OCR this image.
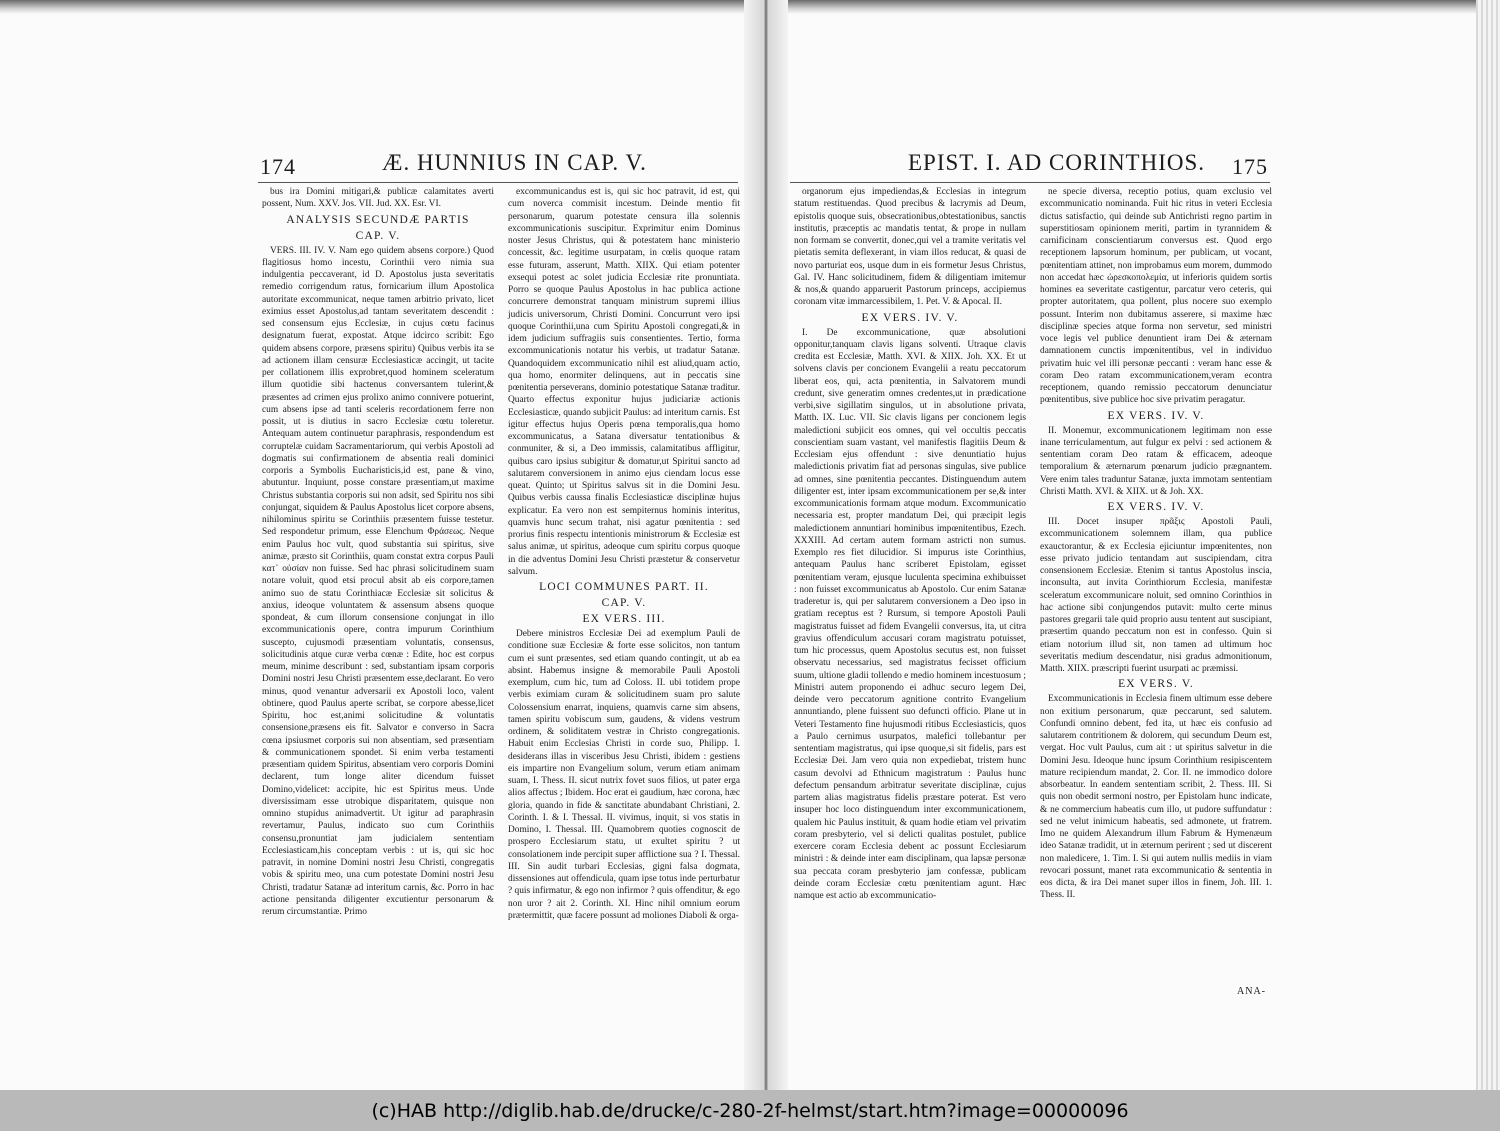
174	Æ. HUNNIUS IN CAP. V.

bus ira Domini mitigari,& publicæ calamitates averti possent, Num. XXV. Jos. VII. Jud. XX. Esr. VI.

ANALYSIS SECUNDÆ PARTIS
CAP. V.

VERS. III. IV. V. Nam ego quidem absens corpore.) Quod flagitiosus homo incestu, Corinthii vero nimia sua indulgentia peccaverant, id D. Apostolus justa severitatis remedio corrigendum ratus, fornicarium illum Apostolica autoritate excommunicat, neque tamen arbitrio privato, licet eximius esset Apostolus,ad tantam severitatem descendit : sed consensum ejus Ecclesiæ, in cujus cœtu facinus designatum fuerat, expostat. Atque idcirco scribit: Ego quidem absens corpore, præsens spiritu) Quibus verbis ita se ad actionem illam censuræ Ecclesiasticæ accingit, ut tacite per collationem illis exprobret,quod hominem sceleratum illum quotidie sibi hactenus conversantem tulerint,& præsentes ad crimen ejus prolixo animo connivere potuerint, cum absens ipse ad tanti sceleris recordationem ferre non possit, ut is diutius in sacro Ecclesiæ cœtu toleretur. Antequam autem continuetur paraphrasis, respondendum est corruptelæ cuidam Sacramentariorum, qui verbis Apostoli ad dogmatis sui confirmationem de absentia reali dominici corporis a Symbolis Eucharisticis,id est, pane & vino, abutuntur. Inquiunt, posse constare præsentiam,ut maxime Christus substantia corporis sui non adsit, sed Spiritu nos sibi conjungat, siquidem & Paulus Apostolus licet corpore absens, nihilominus spiritu se Corinthiis præsentem fuisse testetur. Sed respondetur primum, esse Elenchum Φράσεως. Neque enim Paulus hoc vult, quod substantia sui spiritus, sive animæ, præsto sit Corinthiis, quam constat extra corpus Pauli κατ᾽ οὐσίαν non fuisse. Sed hac phrasi solicitudinem suam notare voluit, quod etsi procul absit ab eis corpore,tamen animo suo de statu Corinthiacæ Ecclesiæ sit solicitus & anxius, ideoque voluntatem & assensum absens quoque spondeat, & cum illorum consensione conjungat in illo excommunicationis opere, contra impurum Corinthium suscepto, cujusmodi præsentiam voluntatis, consensus, solicitudinis atque curæ verba cœnæ : Edite, hoc est corpus meum, minime describunt : sed, substantiam ipsam corporis Domini nostri Jesu Christi præsentem esse,declarant. Eo vero minus, quod venantur adversarii ex Apostoli loco, valent obtinere, quod Paulus aperte scribat, se corpore abesse,licet Spiritu, hoc est,animi solicitudine & voluntatis consensione,præsens eis fit. Salvator e converso in Sacra cœna ipsiusmet corporis sui non absentiam, sed præsentiam & communicationem spondet. Si enim verba testamenti præsentiam quidem Spiritus, absentiam vero corporis Domini declarent, tum longe aliter dicendum fuisset Domino,videlicet: accipite, hic est Spiritus meus. Unde diversissimam esse utrobique disparitatem, quisque non omnino stupidus animadvertit. Ut igitur ad paraphrasin revertamur, Paulus, indicato suo cum Corinthiis consensu,pronuntiat jam judicialem sententiam Ecclesiasticam,his conceptam verbis : ut is, qui sic hoc patravit, in nomine Domini nostri Jesu Christi, congregatis vobis & spiritu meo, una cum potestate Domini nostri Jesu Christi, tradatur Satanæ ad interitum carnis, &c. Porro in hac actione pensitanda diligenter excutientur personarum & rerum circumstantiæ. Primo

excommunicandus est is, qui sic hoc patravit, id est, qui cum noverca commisit incestum. Deinde mentio fit personarum, quarum potestate censura illa solennis excommunicationis suscipitur. Exprimitur enim Dominus noster Jesus Christus, qui & potestatem hanc ministerio concessit, &c. legitime usurpatam, in cœlis quoque ratam esse futuram, asserunt, Matth. XIIX. Qui etiam potenter exsequi potest ac solet judicia Ecclesiæ rite pronuntiata. Porro se quoque Paulus Apostolus in hac publica actione concurrere demonstrat tanquam ministrum supremi illius judicis universorum, Christi Domini. Concurrunt vero ipsi quoque Corinthii,una cum Spiritu Apostoli congregati,& in idem judicium suffragiis suis consentientes. Tertio, forma excommunicationis notatur his verbis, ut tradatur Satanæ. Quandoquidem excommunicatio nihil est aliud,quam actio, qua homo, enormiter delinquens, aut in peccatis sine pœnitentia perseverans, dominio potestatique Satanæ traditur. Quarto effectus exponitur hujus judiciariæ actionis Ecclesiasticæ, quando subjicit Paulus: ad interitum carnis. Est igitur effectus hujus Operis pœna temporalis,qua homo excommunicatus, a Satana diversatur tentationibus & conmuniter, & si, a Deo immissis, calamitatibus affligitur, quibus caro ipsius subigitur & domatur,ut Spiritui sancto ad salutarem conversionem in animo ejus ciendam locus esse queat. Quinto; ut Spiritus salvus sit in die Domini Jesu. Quibus verbis caussa finalis Ecclesiasticæ disciplinæ hujus explicatur. Ea vero non est sempiternus hominis interitus, quamvis hunc secum trahat, nisi agatur pœnitentia : sed prorius finis respectu intentionis ministrorum & Ecclesiæ est salus animæ, ut spiritus, adeoque cum spiritu corpus quoque in die adventus Domini Jesu Christi præstetur & conservetur salvum.

LOCI COMMUNES PART. II.
CAP. V.
EX VERS. III.

Debere ministros Ecclesiæ Dei ad exemplum Pauli de conditione suæ Ecclesiæ & forte esse solicitos, non tantum cum ei sunt præsentes, sed etiam quando contingit, ut ab ea absint. Habemus insigne & memorabile Pauli Apostoli exemplum, cum hic, tum ad Coloss. II. ubi totidem prope verbis eximiam curam & solicitudinem suam pro salute Colossensium enarrat, inquiens, quamvis carne sim absens, tamen spiritu vobiscum sum, gaudens, & videns vestrum ordinem, & soliditatem vestræ in Christo congregationis. Habuit enim Ecclesias Christi in corde suo, Philipp. I. desiderans illas in visceribus Jesu Christi, ibidem : gestiens eis impartire non Evangelium solum, verum etiam animam suam, I. Thess. II. sicut nutrix fovet suos filios, ut pater erga alios affectus ; Ibidem. Hoc erat ei gaudium, hæc corona, hæc gloria, quando in fide & sanctitate abundabant Christiani, 2. Corinth. I. & I. Thessal. II. vivimus, inquit, si vos statis in Domino, I. Thessal. III. Quamobrem quoties cognoscit de prospero Ecclesiarum statu, ut exultet spiritu ? ut consolationem inde percipit super afflictione sua ? I. Thessal. III. Sin audit turbari Ecclesias, gigni falsa dogmata, dissensiones aut offendicula, quam ipse totus inde perturbatur ? quis infirmatur, & ego non infirmor ? quis offenditur, & ego non uror ? ait 2. Corinth. XI. Hinc nihil omnium eorum prætermittit, quæ facere possunt ad moliones Diaboli & orga-

EPIST. I. AD CORINTHIOS. 175

organorum ejus impediendas,& Ecclesias in integrum statum restituendas. Quod precibus & lacrymis ad Deum, epistolis quoque suis, obsecrationibus,obtestationibus, sanctis institutis, præceptis ac mandatis tentat, & prope in nullam non formam se convertit, donec,qui vel a tramite veritatis vel pietatis semita deflexerant, in viam illos reducat, & quasi de novo parturiat eos, usque dum in eis formetur Jesus Christus, Gal. IV. Hanc solicitudinem, fidem & diligentiam imitemur & nos,& quando apparuerit Pastorum princeps, accipiemus coronam vitæ immarcessibilem, 1. Pet. V. & Apocal. II.

EX VERS. IV. V.

I. De excommunicatione, quæ absolutioni opponitur,tanquam clavis ligans solventi. Utraque clavis credita est Ecclesiæ, Matth. XVI. & XIIX. Joh. XX. Et ut solvens clavis per concionem Evangelii a reatu peccatorum liberat eos, qui, acta pœnitentia, in Salvatorem mundi credunt, sive generatim omnes credentes,ut in prædicatione verbi,sive sigillatim singulos, ut in absolutione privata, Matth. IX. Luc. VII. Sic clavis ligans per concionem legis maledictioni subjicit eos omnes, qui vel occultis peccatis conscientiam suam vastant, vel manifestis flagitiis Deum & Ecclesiam ejus offendunt : sive denuntiatio hujus maledictionis privatim fiat ad personas singulas, sive publice ad omnes, sine pœnitentia peccantes. Distinguendum autem diligenter est, inter ipsam excommunicationem per se,& inter excommunicationis formam atque modum. Excommunicatio necessaria est, propter mandatum Dei, qui præcipit legis maledictionem annuntiari hominibus impœnitentibus, Ezech. XXXIII. Ad certam autem formam astricti non sumus. Exemplo res fiet dilucidior. Si impurus iste Corinthius, antequam Paulus hanc scriberet Epistolam, egisset pœnitentiam veram, ejusque luculenta specimina exhibuisset : non fuisset excommunicatus ab Apostolo. Cur enim Satanæ traderetur is, qui per salutarem conversionem a Deo ipso in gratiam receptus est ? Rursum, si tempore Apostoli Pauli magistratus fuisset ad fidem Evangelii conversus, ita, ut citra gravius offendiculum accusari coram magistratu potuisset, tum hic processus, quem Apostolus secutus est, non fuisset observatu necessarius, sed magistratus fecisset officium suum, ultione gladii tollendo e medio hominem incestuosum ; Ministri autem proponendo ei adhuc securo legem Dei, deinde vero peccatorum agnitione contrito Evangelium annuntiando, plene fuissent suo defuncti officio. Plane ut in Veteri Testamento fine hujusmodi ritibus Ecclesiasticis, quos a Paulo cernimus usurpatos, malefici tollebantur per sententiam magistratus, qui ipse quoque,si sit fidelis, pars est Ecclesiæ Dei. Jam vero quia non expediebat, tristem hunc casum devolvi ad Ethnicum magistratum : Paulus hunc defectum pensandum arbitratur severitate disciplinæ, cujus partem alias magistratus fidelis præstare poterat. Est vero insuper hoc loco distinguendum inter excommunicationem, qualem hic Paulus instituit, & quam hodie etiam vel privatim coram presbyterio, vel si delicti qualitas postulet, publice exercere coram Ecclesia debent ac possunt Ecclesiarum ministri : & deinde inter eam disciplinam, qua lapsæ personæ sua peccata coram presbyterio jam confessæ, publicam deinde coram Ecclesiæ cœtu pœnitentiam agunt. Hæc namque est actio ab excommunicatio-

ne specie diversa, receptio potius, quam exclusio vel excommunicatio nominanda. Fuit hic ritus in veteri Ecclesia dictus satisfactio, qui deinde sub Antichristi regno partim in superstitiosam opinionem meriti, partim in tyrannidem & carnificinam conscientiarum conversus est. Quod ergo receptionem lapsorum hominum, per publicam, ut vocant, pœnitentiam attinet, non improbamus eum morem, dummodo non accedat hæc ὡρεσκοπολεμία, ut inferioris quidem sortis homines ea severitate castigentur, parcatur vero ceteris, qui propter autoritatem, qua pollent, plus nocere suo exemplo possunt. Interim non dubitamus asserere, si maxime hæc disciplinæ species atque forma non servetur, sed ministri voce legis vel publice denuntient iram Dei & æternam damnationem cunctis impœnitentibus, vel in individuo privatim huic vel illi personæ peccanti : veram hanc esse & coram Deo ratam excommunicationem,veram econtra receptionem, quando remissio peccatorum denunciatur pœnitentibus, sive publice hoc sive privatim peragatur.

EX VERS. IV. V.

II. Monemur, excommunicationem legitimam non esse inane terriculamentum, aut fulgur ex pelvi : sed actionem & sententiam coram Deo ratam & efficacem, adeoque temporalium & æternarum pœnarum judicio prægnantem. Vere enim tales traduntur Satanæ, juxta immotam sententiam Christi Matth. XVI. & XIIX. ut & Joh. XX.

EX VERS. IV. V.

III. Docet insuper πρᾶξις Apostoli Pauli, excommunicationem solemnem illam, qua publice exauctorantur, & ex Ecclesia ejiciuntur impœnitentes, non esse privato judicio tentandam aut suscipiendam, citra consensionem Ecclesiæ. Etenim si tantus Apostolus inscia, inconsulta, aut invita Corinthiorum Ecclesia, manifestæ sceleratum excommunicare noluit, sed omnino Corinthios in hac actione sibi conjungendos putavit: multo certe minus pastores gregarii tale quid proprio ausu tentent aut suscipiant, præsertim quando peccatum non est in confesso. Quin si etiam notorium illud sit, non tamen ad ultimum hoc severitatis medium descendatur, nisi gradus admonitionum, Matth. XIIX. præscripti fuerint usurpati ac præmissi.

EX VERS. V.

Excommunicationis in Ecclesia finem ultimum esse debere non exitium personarum, quæ peccarunt, sed salutem. Confundi omnino debent, fed ita, ut hæc eis confusio ad salutarem contritionem & dolorem, qui secundum Deum est, vergat. Hoc vult Paulus, cum ait : ut spiritus salvetur in die Domini Jesu. Ideoque hunc ipsum Corinthium resipiscentem mature recipiendum mandat, 2. Cor. II. ne immodico dolore absorbeatur. In eandem sententiam scribit, 2. Thess. III. Si quis non obedit sermoni nostro, per Epistolam hunc indicate, & ne commercium habeatis cum illo, ut pudore suffundatur : sed ne velut inimicum habeatis, sed admonete, ut fratrem. Imo ne quidem Alexandrum illum Fabrum & Hymenæum ideo Satanæ tradidit, ut in æternum perirent ; sed ut discerent non maledicere, 1. Tim. I. Si qui autem nullis mediis in viam revocari possunt, manet rata excommunicatio & sententia in eos dicta, & ira Dei manet super illos in finem, Joh. III. 1. Thess. II.

ANA-
(c)HAB http://diglib.hab.de/drucke/c-280-2f-helmst/start.htm?image=00000096
